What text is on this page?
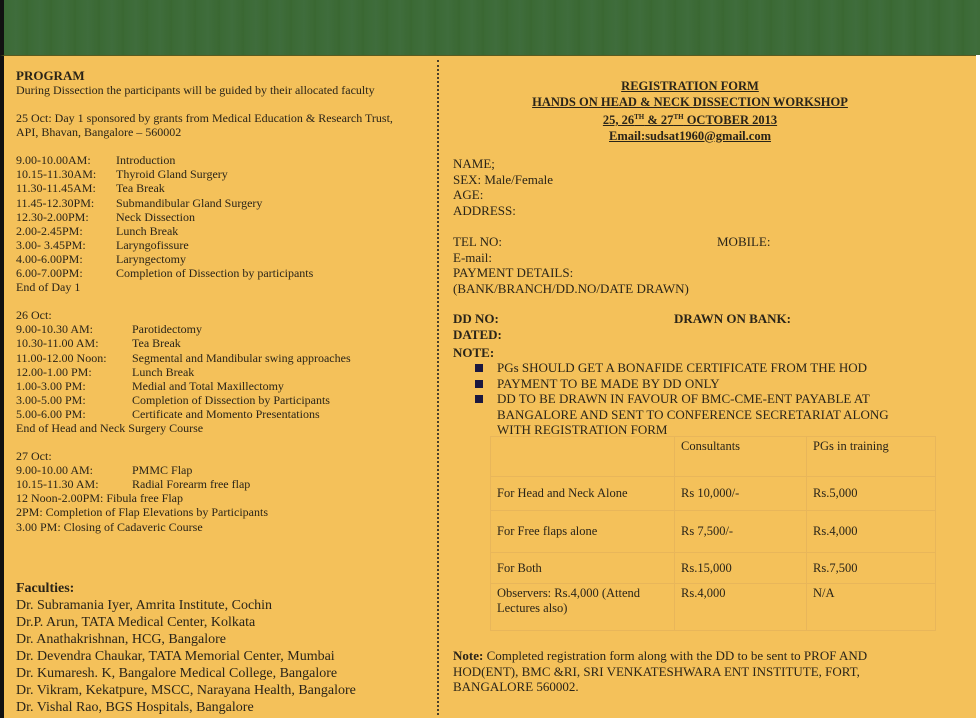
PROGRAM
During Dissection the participants will be guided by their allocated faculty
25 Oct: Day 1 sponsored by grants from Medical Education & Research Trust,
API, Bhavan, Bangalore – 560002
9.00-10.00AM:	Introduction
10.15-11.30AM:	Thyroid Gland Surgery
11.30-11.45AM:	Tea Break
11.45-12.30PM:	Submandibular Gland Surgery
12.30-2.00PM:	Neck Dissection
2.00-2.45PM:	Lunch Break
3.00- 3.45PM:	Laryngofissure
4.00-6.00PM:	Laryngectomy
6.00-7.00PM:	Completion of Dissection by participants
End of Day 1
26 Oct:
9.00-10.30 AM:	Parotidectomy
10.30-11.00 AM:	Tea Break
11.00-12.00 Noon:	Segmental and Mandibular swing approaches
12.00-1.00 PM:	Lunch Break
1.00-3.00 PM:	Medial and Total Maxillectomy
3.00-5.00 PM:	Completion of Dissection by Participants
5.00-6.00 PM:	Certificate and Momento Presentations
End of Head and Neck Surgery Course
27 Oct:
9.00-10.00 AM:	PMMC Flap
10.15-11.30 AM:	Radial Forearm free flap
12 Noon-2.00PM: Fibula free Flap
2PM: Completion of Flap Elevations by Participants
3.00 PM: Closing of Cadaveric Course
Faculties:
Dr. Subramania Iyer, Amrita Institute, Cochin
Dr.P. Arun, TATA Medical Center, Kolkata
Dr. Anathakrishnan, HCG, Bangalore
Dr. Devendra Chaukar, TATA Memorial Center, Mumbai
Dr. Kumaresh. K, Bangalore Medical College, Bangalore
Dr. Vikram, Kekatpure, MSCC, Narayana Health, Bangalore
Dr. Vishal Rao, BGS Hospitals, Bangalore
REGISTRATION FORM
HANDS ON HEAD & NECK DISSECTION WORKSHOP
25, 26TH & 27TH OCTOBER 2013
Email:sudsat1960@gmail.com
NAME;
SEX: Male/Female
AGE:
ADDRESS:
TEL NO:	MOBILE:
E-mail:
PAYMENT DETAILS:
(BANK/BRANCH/DD.NO/DATE DRAWN)
DD NO:	DRAWN ON BANK:
DATED:
NOTE:
PGs SHOULD GET A BONAFIDE CERTIFICATE FROM THE HOD
PAYMENT TO BE MADE BY DD ONLY
DD TO BE DRAWN IN FAVOUR OF BMC-CME-ENT PAYABLE AT BANGALORE AND SENT TO CONFERENCE SECRETARIAT ALONG WITH REGISTRATION FORM
	Consultants	PGs in training
For Head and Neck Alone	Rs 10,000/-	Rs.5,000
For Free flaps alone	Rs 7,500/-	Rs.4,000
For Both	Rs.15,000	Rs.7,500
Observers: Rs.4,000 (Attend Lectures also)	Rs.4,000	N/A
Note: Completed registration form along with the DD to be sent to PROF AND HOD(ENT), BMC &RI, SRI VENKATESHWARA ENT INSTITUTE, FORT, BANGALORE 560002.
